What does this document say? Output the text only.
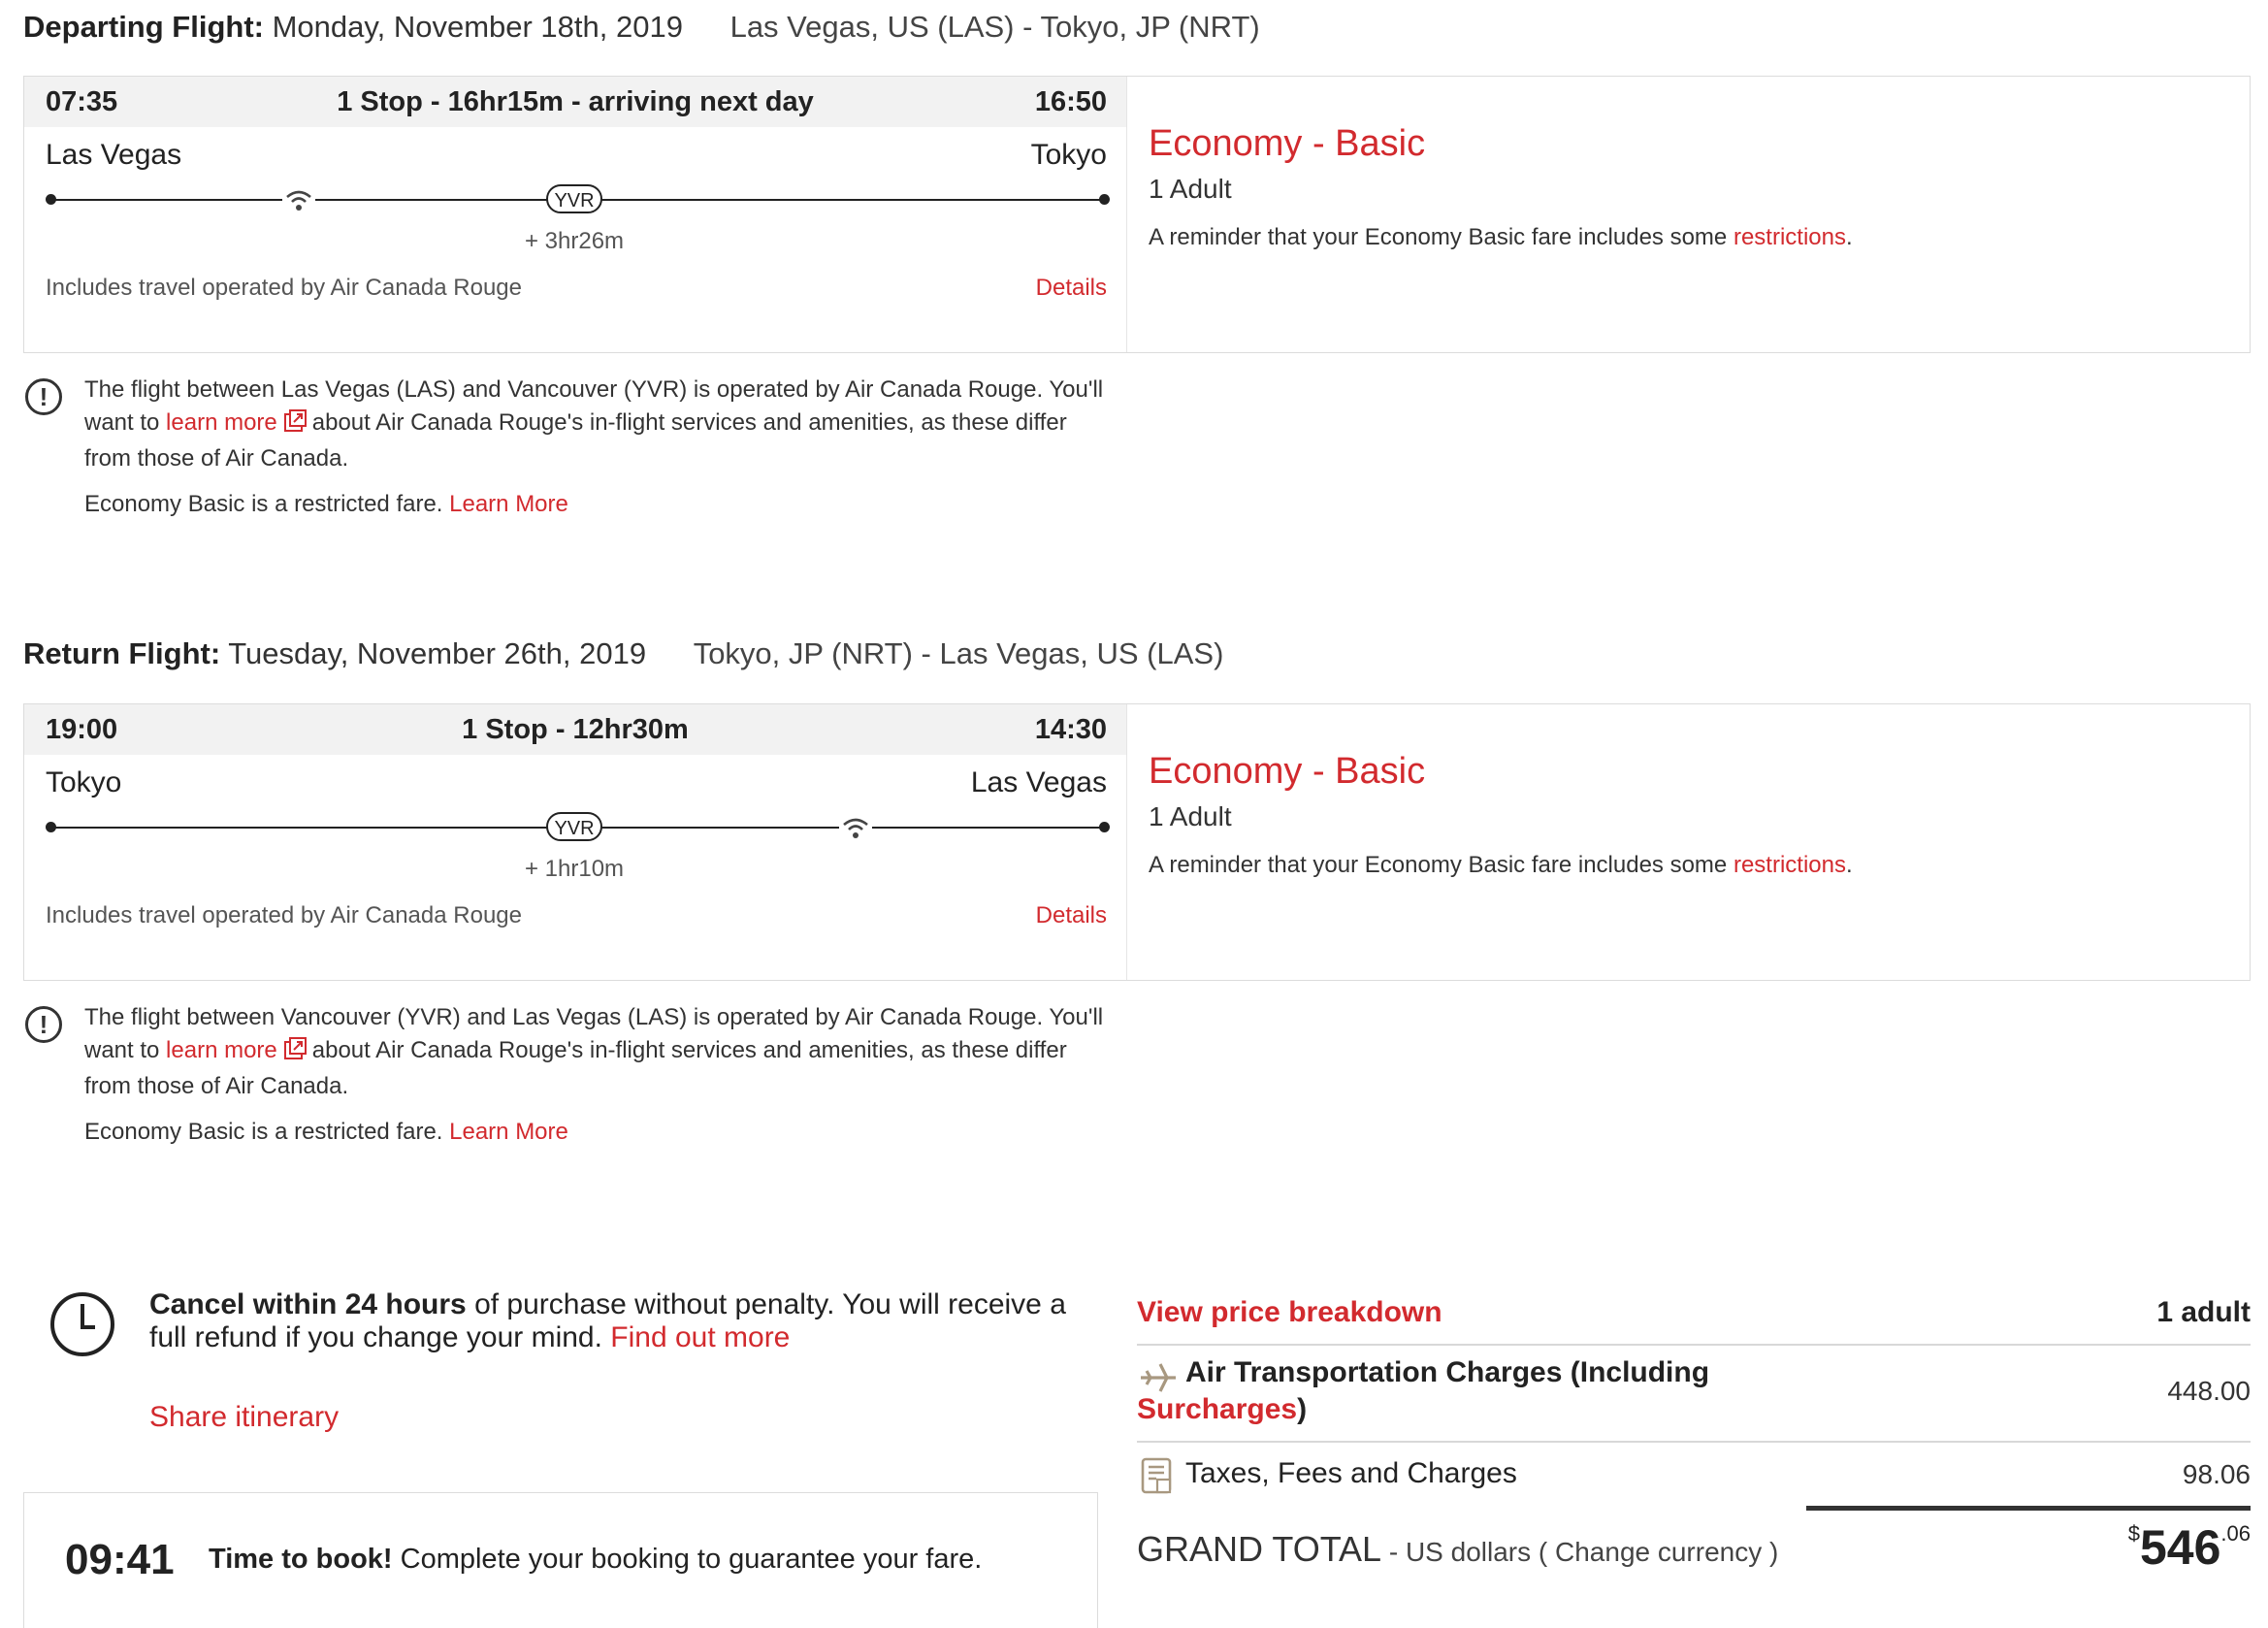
Departing Flight: Monday, November 18th, 2019 Las Vegas, US (LAS) - Tokyo, JP (NRT)
07:35	1 Stop - 16hr15m - arriving next day	16:50
Las Vegas	Tokyo
YVR
+ 3hr26m
Includes travel operated by Air Canada Rouge	Details
Economy - Basic
1 Adult
A reminder that your Economy Basic fare includes some restrictions.
!	The flight between Las Vegas (LAS) and Vancouver (YVR) is operated by Air Canada Rouge. You'll want to learn more about Air Canada Rouge's in-flight services and amenities, as these differ from those of Air Canada.
Economy Basic is a restricted fare. Learn More
Return Flight: Tuesday, November 26th, 2019 Tokyo, JP (NRT) - Las Vegas, US (LAS)
19:00	1 Stop - 12hr30m	14:30
Tokyo	Las Vegas
YVR
+ 1hr10m
Includes travel operated by Air Canada Rouge	Details
Economy - Basic
1 Adult
A reminder that your Economy Basic fare includes some restrictions.
!	The flight between Vancouver (YVR) and Las Vegas (LAS) is operated by Air Canada Rouge. You'll want to learn more about Air Canada Rouge's in-flight services and amenities, as these differ from those of Air Canada.
Economy Basic is a restricted fare. Learn More
Cancel within 24 hours of purchase without penalty. You will receive a full refund if you change your mind. Find out more
Share itinerary
09:41 Time to book! Complete your booking to guarantee your fare.
View price breakdown	1 adult
Air Transportation Charges (Including
Surcharges)
448.00
Taxes, Fees and Charges	98.06
GRAND TOTAL - US dollars ( Change currency )
$546.06
